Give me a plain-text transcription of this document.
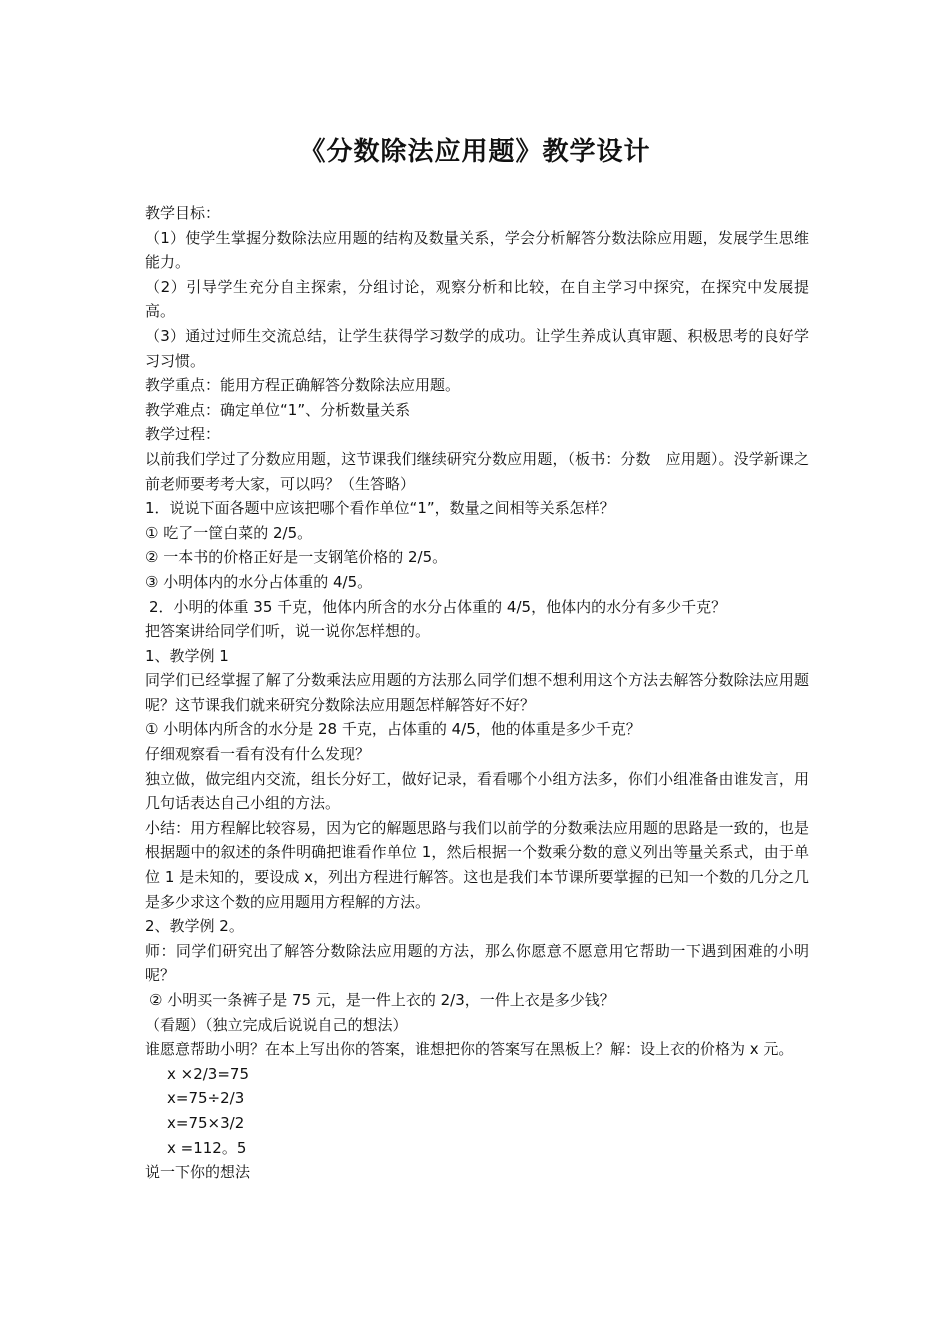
《分数除法应用题》教学设计

教学目标：

（1）使学生掌握分数除法应用题的结构及数量关系，学会分析解答分数法除应用题，发展学生思维能力。

（2）引导学生充分自主探索，分组讨论，观察分析和比较，在自主学习中探究，在探究中发展提高。

（3）通过过师生交流总结，让学生获得学习数学的成功。让学生养成认真审题、积极思考的良好学习习惯。

教学重点：能用方程正确解答分数除法应用题。

教学难点：确定单位“1”、分析数量关系

教学过程：

以前我们学过了分数应用题，这节课我们继续研究分数应用题，（板书：分数　应用题）。没学新课之前老师要考考大家，可以吗？（生答略）

1．说说下面各题中应该把哪个看作单位“1”，数量之间相等关系怎样？

① 吃了一筐白菜的 2/5。

② 一本书的价格正好是一支钢笔价格的 2/5。

③ 小明体内的水分占体重的 4/5。

2．小明的体重 35 千克，他体内所含的水分占体重的 4/5，他体内的水分有多少千克？

把答案讲给同学们听，说一说你怎样想的。

1、教学例 1

同学们已经掌握了解了分数乘法应用题的方法那么同学们想不想利用这个方法去解答分数除法应用题呢？这节课我们就来研究分数除法应用题怎样解答好不好？

① 小明体内所含的水分是 28 千克，占体重的 4/5，他的体重是多少千克？

仔细观察看一看有没有什么发现？

独立做，做完组内交流，组长分好工，做好记录，看看哪个小组方法多，你们小组准备由谁发言，用几句话表达自己小组的方法。

小结：用方程解比较容易，因为它的解题思路与我们以前学的分数乘法应用题的思路是一致的，也是根据题中的叙述的条件明确把谁看作单位 1，然后根据一个数乘分数的意义列出等量关系式，由于单位 1 是未知的，要设成 x，列出方程进行解答。这也是我们本节课所要掌握的已知一个数的几分之几是多少求这个数的应用题用方程解的方法。

2、教学例 2。

师：同学们研究出了解答分数除法应用题的方法，那么你愿意不愿意用它帮助一下遇到困难的小明呢？

② 小明买一条裤子是 75 元，是一件上衣的 2/3，一件上衣是多少钱？

（看题）（独立完成后说说自己的想法）

谁愿意帮助小明？在本上写出你的答案，谁想把你的答案写在黑板上？解：设上衣的价格为 x 元。

x ×2/3=75

x=75÷2/3

x=75×3/2

x =112。5

说一下你的想法
